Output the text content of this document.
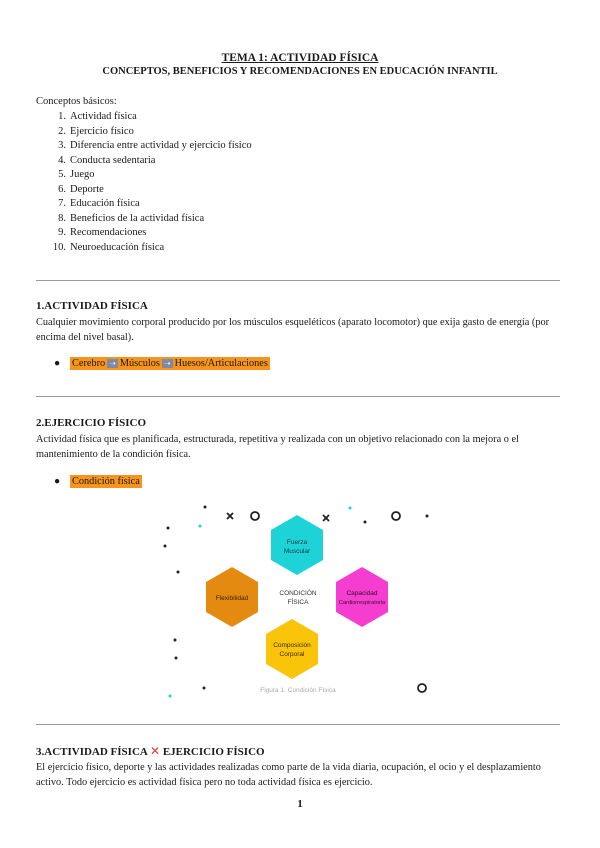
TEMA 1: ACTIVIDAD FÍSICA
CONCEPTOS, BENEFICIOS Y RECOMENDACIONES EN EDUCACIÓN INFANTIL
Conceptos básicos:
1. Actividad física
2. Ejercicio físico
3. Diferencia entre actividad y ejercicio físico
4. Conducta sedentaria
5. Juego
6. Deporte
7. Educación física
8. Beneficios de la actividad física
9. Recomendaciones
10. Neuroeducación física
1.ACTIVIDAD FÍSICA
Cualquier movimiento corporal producido por los músculos esqueléticos (aparato locomotor) que exija gasto de energía (por encima del nivel basal).
● Cerebro ➝ Músculos ➝ Huesos/Articulaciones
2.EJERCICIO FÍSICO
Actividad física que es planificada, estructurada, repetitiva y realizada con un objetivo relacionado con la mejora o el mantenimiento de la condición física.
● Condición física
Fuerza
Muscular
Flexibilidad
Capacidad
Cardiorrespiratoria
Composición
Corporal
CONDICIÓN
FÍSICA
Figura 1. Condición Física
3.ACTIVIDAD FÍSICA ✕ EJERCICIO FÍSICO
El ejercicio físico, deporte y las actividades realizadas como parte de la vida diaria, ocupación, el ocio y el desplazamiento activo. Todo ejercicio es actividad física pero no toda actividad física es ejercicio.
1
